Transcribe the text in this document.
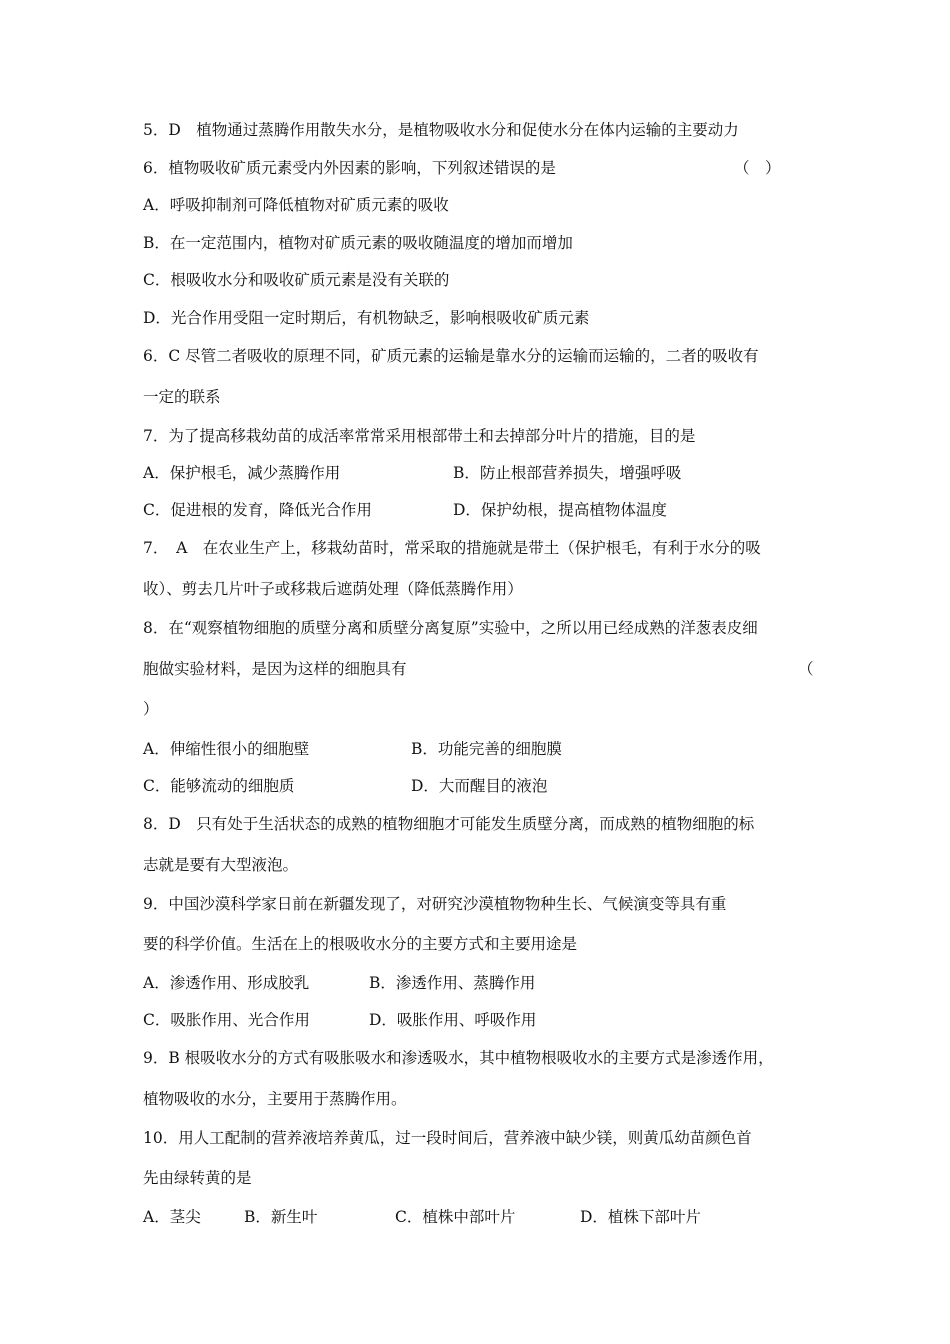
5．D　植物通过蒸腾作用散失水分，是植物吸收水分和促使水分在体内运输的主要动力
6．植物吸收矿质元素受内外因素的影响，下列叙述错误的是	（　）
A．呼吸抑制剂可降低植物对矿质元素的吸收
B．在一定范围内，植物对矿质元素的吸收随温度的增加而增加
C．根吸收水分和吸收矿质元素是没有关联的
D．光合作用受阻一定时期后，有机物缺乏，影响根吸收矿质元素
6．C 尽管二者吸收的原理不同，矿质元素的运输是靠水分的运输而运输的，二者的吸收有
一定的联系
7．为了提高移栽幼苗的成活率常常采用根部带土和去掉部分叶片的措施，目的是
A．保护根毛，减少蒸腾作用	B．防止根部营养损失，增强呼吸
C．促进根的发育，降低光合作用	D．保护幼根，提高植物体温度
7．　A　在农业生产上，移栽幼苗时，常采取的措施就是带土（保护根毛，有利于水分的吸
收）、剪去几片叶子或移栽后遮荫处理（降低蒸腾作用）
8．在“观察植物细胞的质壁分离和质壁分离复原”实验中，之所以用已经成熟的洋葱表皮细
胞做实验材料，是因为这样的细胞具有	（
）
A．伸缩性很小的细胞壁	B．功能完善的细胞膜
C．能够流动的细胞质	D．大而醒目的液泡
8．D　只有处于生活状态的成熟的植物细胞才可能发生质壁分离，而成熟的植物细胞的标
志就是要有大型液泡。
9．中国沙漠科学家日前在新疆发现了，对研究沙漠植物物种生长、气候演变等具有重
要的科学价值。生活在上的根吸收水分的主要方式和主要用途是
A．渗透作用、形成胶乳	B．渗透作用、蒸腾作用
C．吸胀作用、光合作用	D．吸胀作用、呼吸作用
9．B 根吸收水分的方式有吸胀吸水和渗透吸水，其中植物根吸收水的主要方式是渗透作用，
植物吸收的水分，主要用于蒸腾作用。
10．用人工配制的营养液培养黄瓜，过一段时间后，营养液中缺少镁，则黄瓜幼苗颜色首
先由绿转黄的是
A．茎尖	B．新生叶	C．植株中部叶片	D．植株下部叶片
